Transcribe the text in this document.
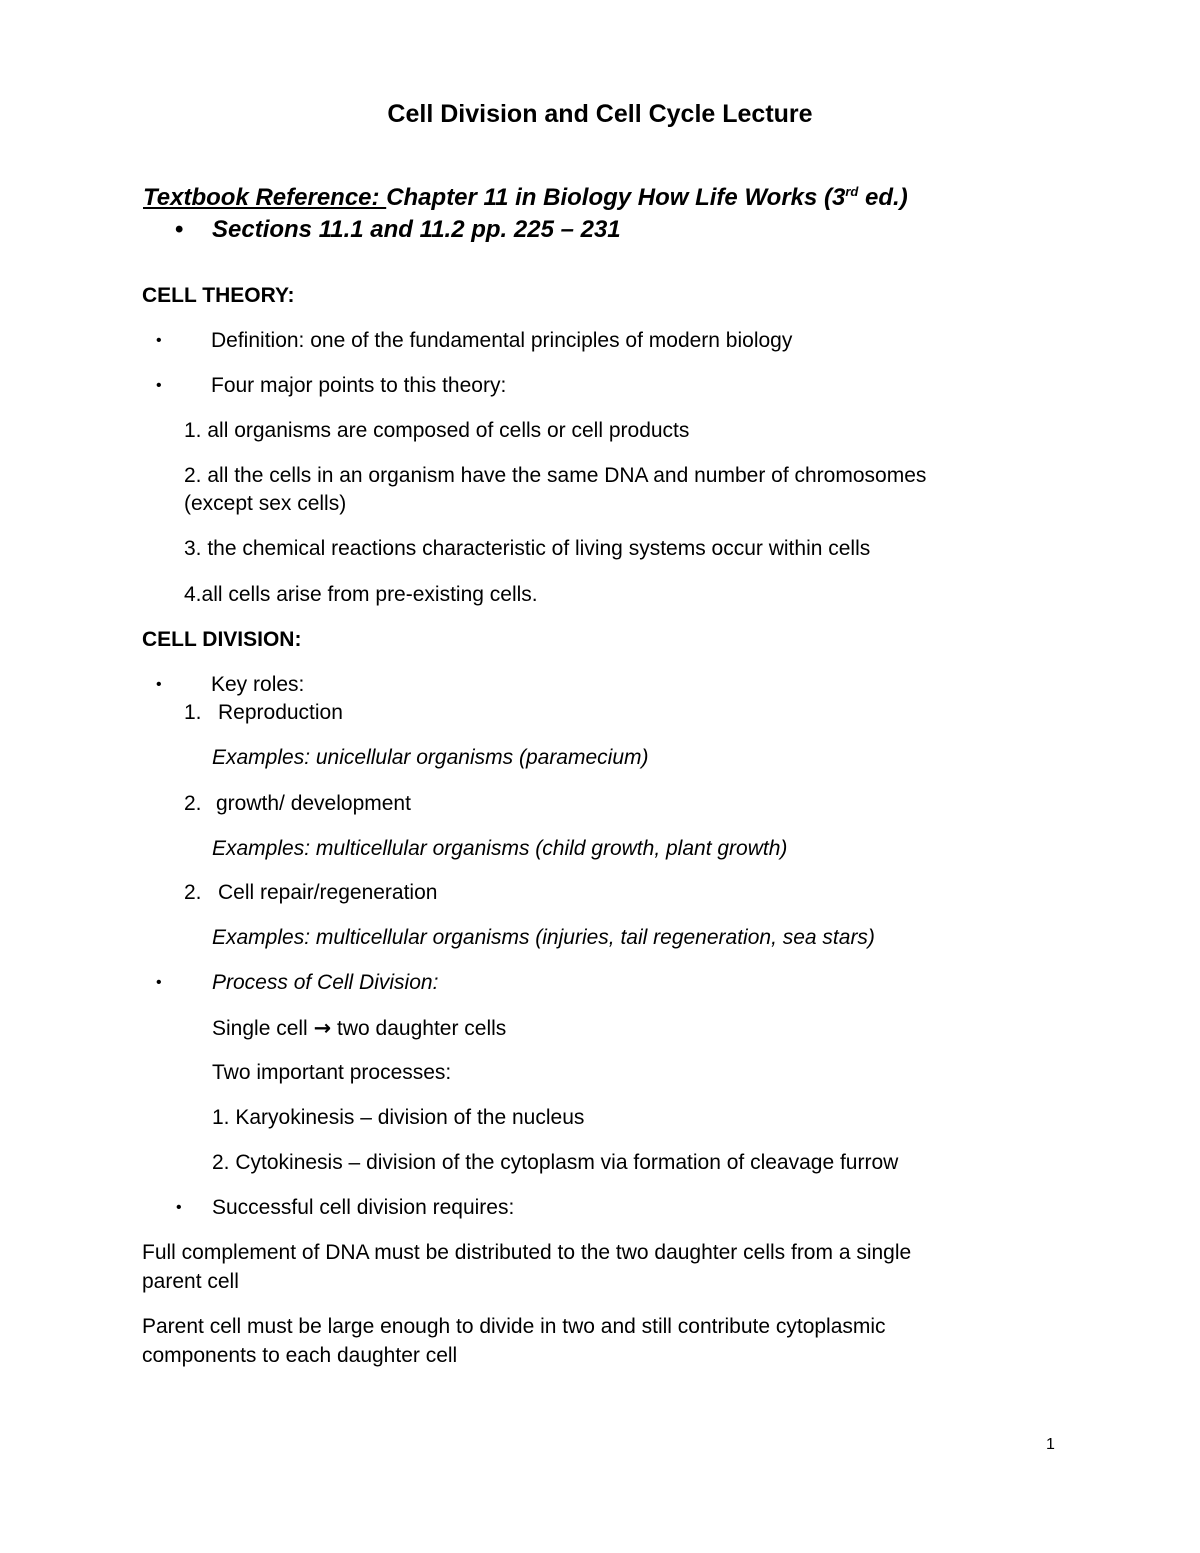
Cell Division and Cell Cycle Lecture
Textbook Reference: Chapter 11 in Biology How Life Works (3rd ed.)
• Sections 11.1 and 11.2 pp. 225 – 231
CELL THEORY:
• Definition: one of the fundamental principles of modern biology
• Four major points to this theory:
1. all organisms are composed of cells or cell products
2. all the cells in an organism have the same DNA and number of chromosomes
(except sex cells)
3. the chemical reactions characteristic of living systems occur within cells
4.all cells arise from pre-existing cells.
CELL DIVISION:
• Key roles:
1. Reproduction
Examples: unicellular organisms (paramecium)
2. growth/ development
Examples: multicellular organisms (child growth, plant growth)
2. Cell repair/regeneration
Examples: multicellular organisms (injuries, tail regeneration, sea stars)
• Process of Cell Division:
Single cell → two daughter cells
Two important processes:
1. Karyokinesis – division of the nucleus
2. Cytokinesis – division of the cytoplasm via formation of cleavage furrow
• Successful cell division requires:
Full complement of DNA must be distributed to the two daughter cells from a single
parent cell
Parent cell must be large enough to divide in two and still contribute cytoplasmic
components to each daughter cell
1
